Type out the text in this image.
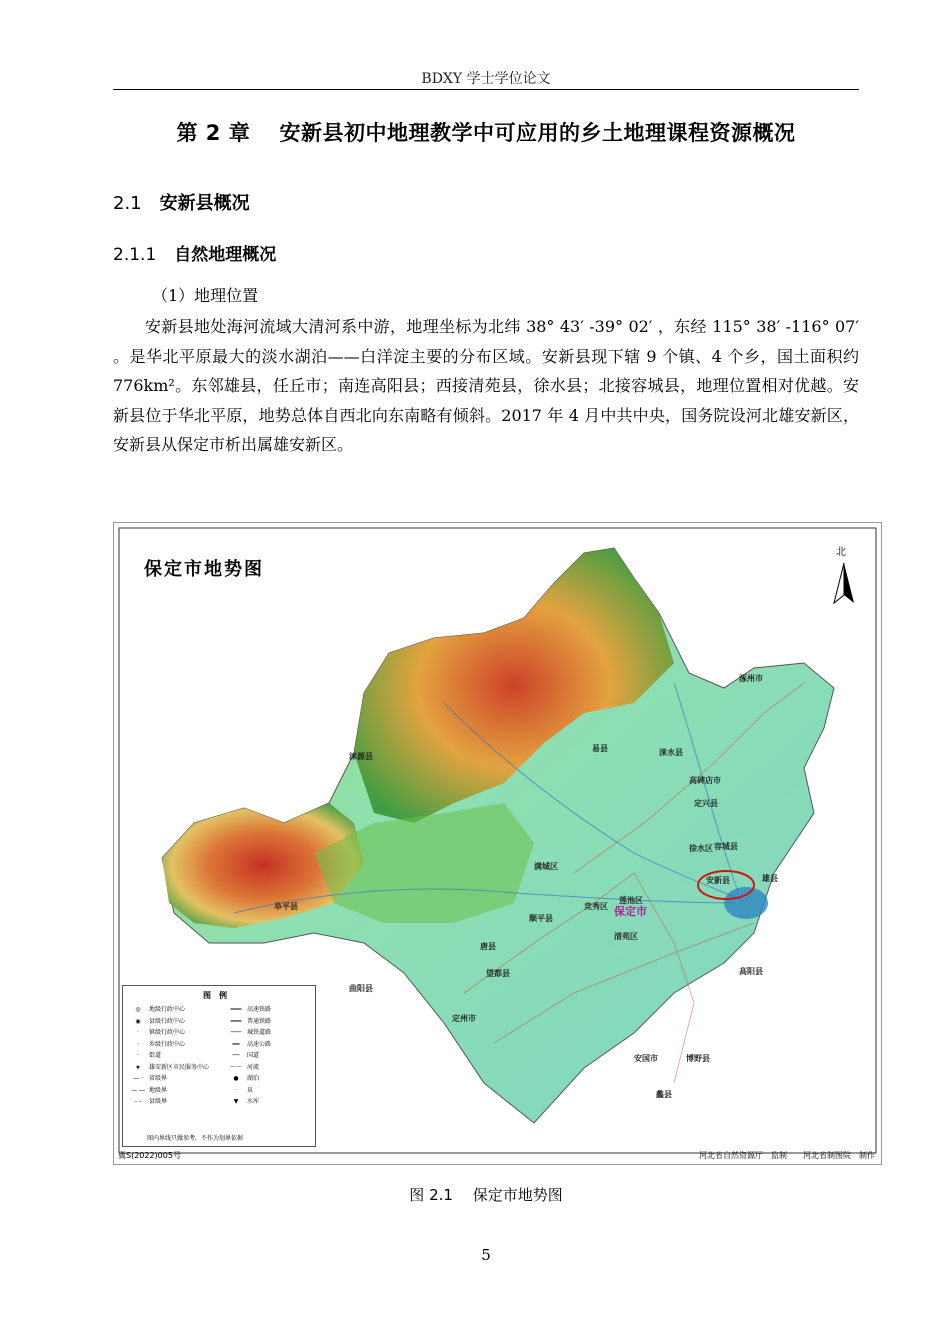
BDXY 学士学位论文
第 2 章　 安新县初中地理教学中可应用的乡土地理课程资源概况
2.1 安新县概况
2.1.1 自然地理概况
（1）地理位置
安新县地处海河流域大清河系中游，地理坐标为北纬 38° 43′ -39° 02′ ，东经 115° 38′ -116° 07′ 。是华北平原最大的淡水湖泊——白洋淀主要的分布区域。安新县现下辖 9 个镇、4 个乡，国土面积约 776km²。东邻雄县，任丘市；南连高阳县；西接清苑县，徐水县；北接容城县，地理位置相对优越。安新县位于华北平原，地势总体自西北向东南略有倾斜。2017 年 4 月中共中央，国务院设河北雄安新区，安新县从保定市析出属雄安新区。
保定市地势图
北
涞源县
易县	涞水县
涿州市
高碑店市
定兴县
容城县
雄县
徐水区
安新县
满城区
竞秀区
莲池区
保定市
顺平县
清苑区
阜平县
唐县
望都县
曲阳县
定州市
高阳县
安国市	博野县
蠡县
图例
◎ 地级行政中心
◉ 县级行政中心
· 镇级行政中心
· 乡级行政中心
· 街道
★ 雄安新区市民服务中心
— · 省级界
— — 地级界
- - 县级界
═══ 高速铁路
━━━ 普通铁路
─── 城铁道路
━━ 高速公路
── 国道
～～ 河流
● 湖泊
· 泉
▼ 水库
图内界线只做参考，不作为划界依据
冀S(2022)005号	河北省自然资源厅　监制　　河北省制图院　制作
图 2.1　 保定市地势图
5
